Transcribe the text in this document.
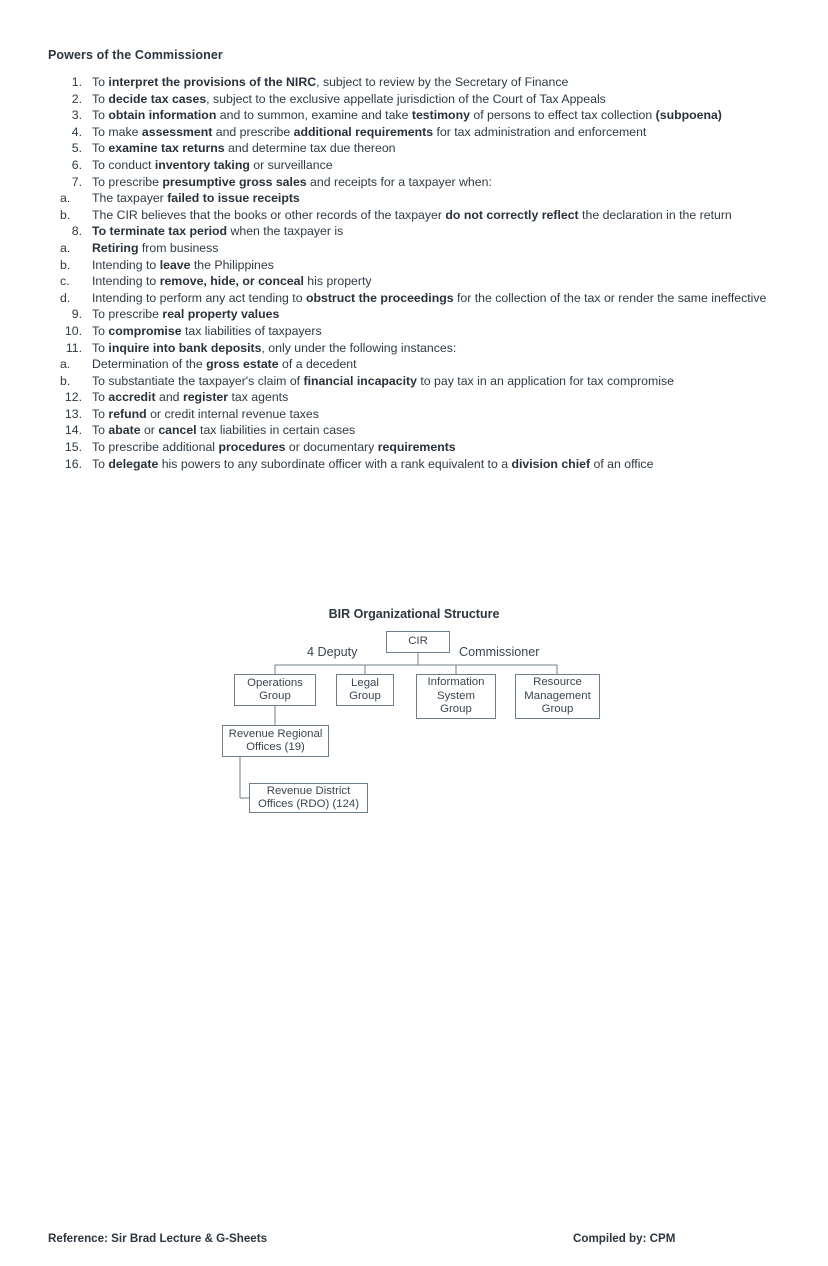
Powers of the Commissioner
1. To interpret the provisions of the NIRC, subject to review by the Secretary of Finance
2. To decide tax cases, subject to the exclusive appellate jurisdiction of the Court of Tax Appeals
3. To obtain information and to summon, examine and take testimony of persons to effect tax collection (subpoena)
4. To make assessment and prescribe additional requirements for tax administration and enforcement
5. To examine tax returns and determine tax due thereon
6. To conduct inventory taking or surveillance
7. To prescribe presumptive gross sales and receipts for a taxpayer when:
a.	The taxpayer failed to issue receipts
b.	The CIR believes that the books or other records of the taxpayer do not correctly reflect the declaration in the return
8. To terminate tax period when the taxpayer is
a.	Retiring from business
b.	Intending to leave the Philippines
c.	Intending to remove, hide, or conceal his property
d.	Intending to perform any act tending to obstruct the proceedings for the collection of the tax or render the same ineffective
9. To prescribe real property values
10. To compromise tax liabilities of taxpayers
11. To inquire into bank deposits, only under the following instances:
a.	Determination of the gross estate of a decedent
b.	To substantiate the taxpayer's claim of financial incapacity to pay tax in an application for tax compromise
12. To accredit and register tax agents
13. To refund or credit internal revenue taxes
14. To abate or cancel tax liabilities in certain cases
15. To prescribe additional procedures or documentary requirements
16. To delegate his powers to any subordinate officer with a rank equivalent to a division chief of an office
BIR Organizational Structure
CIR
Operations
Group
Legal
Group
Information
System
Group
Resource
Management
Group
Revenue Regional
Offices (19)
Revenue District
Offices (RDO) (124)
4 Deputy	Commissioner
Reference: Sir Brad Lecture & G-Sheets	Compiled by: CPM
